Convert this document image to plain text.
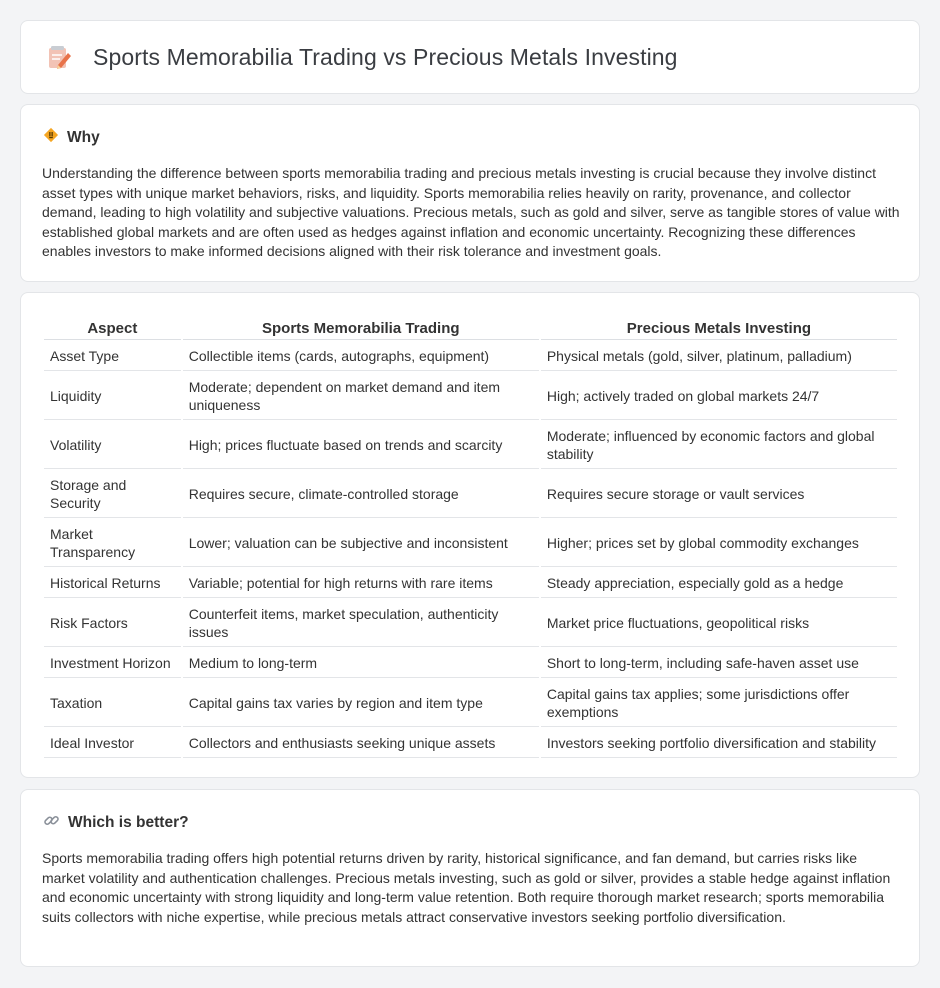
Sports Memorabilia Trading vs Precious Metals Investing
Why

Understanding the difference between sports memorabilia trading and precious metals investing is crucial because they involve distinct asset types with unique market behaviors, risks, and liquidity. Sports memorabilia relies heavily on rarity, provenance, and collector demand, leading to high volatility and subjective valuations. Precious metals, such as gold and silver, serve as tangible stores of value with established global markets and are often used as hedges against inflation and economic uncertainty. Recognizing these differences enables investors to make informed decisions aligned with their risk tolerance and investment goals.

Aspect	Sports Memorabilia Trading	Precious Metals Investing
Asset Type	Collectible items (cards, autographs, equipment)	Physical metals (gold, silver, platinum, palladium)
Liquidity	Moderate; dependent on market demand and item uniqueness	High; actively traded on global markets 24/7
Volatility	High; prices fluctuate based on trends and scarcity	Moderate; influenced by economic factors and global stability
Storage and Security	Requires secure, climate-controlled storage	Requires secure storage or vault services
Market Transparency	Lower; valuation can be subjective and inconsistent	Higher; prices set by global commodity exchanges
Historical Returns	Variable; potential for high returns with rare items	Steady appreciation, especially gold as a hedge
Risk Factors	Counterfeit items, market speculation, authenticity issues	Market price fluctuations, geopolitical risks
Investment Horizon	Medium to long-term	Short to long-term, including safe-haven asset use
Taxation	Capital gains tax varies by region and item type	Capital gains tax applies; some jurisdictions offer exemptions
Ideal Investor	Collectors and enthusiasts seeking unique assets	Investors seeking portfolio diversification and stability
Which is better?

Sports memorabilia trading offers high potential returns driven by rarity, historical significance, and fan demand, but carries risks like market volatility and authentication challenges. Precious metals investing, such as gold or silver, provides a stable hedge against inflation and economic uncertainty with strong liquidity and long-term value retention. Both require thorough market research; sports memorabilia suits collectors with niche expertise, while precious metals attract conservative investors seeking portfolio diversification.
